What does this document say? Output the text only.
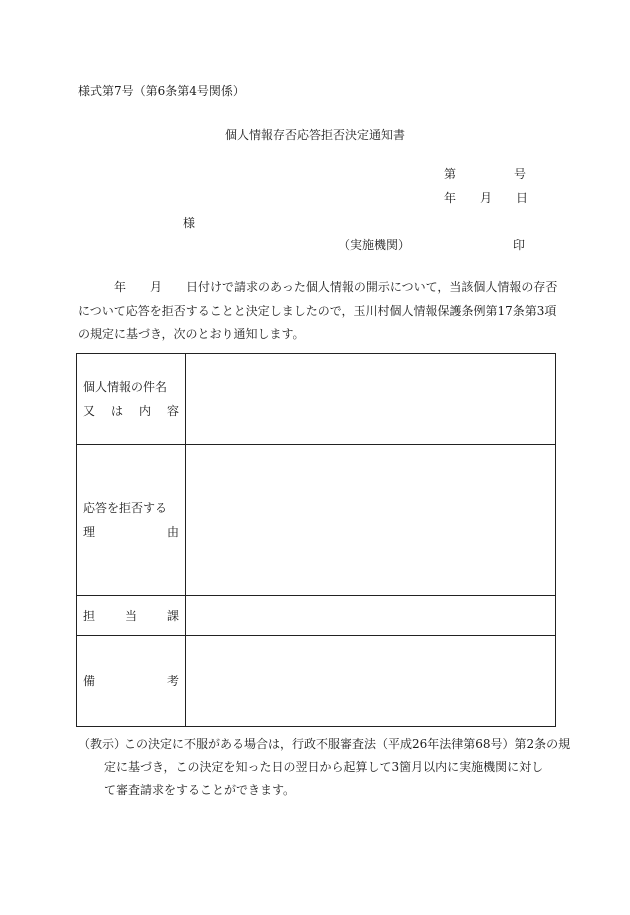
様式第7号（第6条第4号関係）
個人情報存否応答拒否決定通知書
第	号
年 月 日
様
（実施機関）	印
年 月 日付けで請求のあった個人情報の開示について，当該個人情報の存否
について応答を拒否することと決定しましたので，玉川村個人情報保護条例第17条第3項
の規定に基づき，次のとおり通知します。
個人情報の件名
又 は 内 容	

応答を拒否する
理 由	

担 当 課	

備 考	

（教示）
この決定に不服がある場合は，行政不服審査法（平成26年法律第68号）第2条の規
定に基づき，この決定を知った日の翌日から起算して3箇月以内に実施機関に対し
て審査請求をすることができます。
